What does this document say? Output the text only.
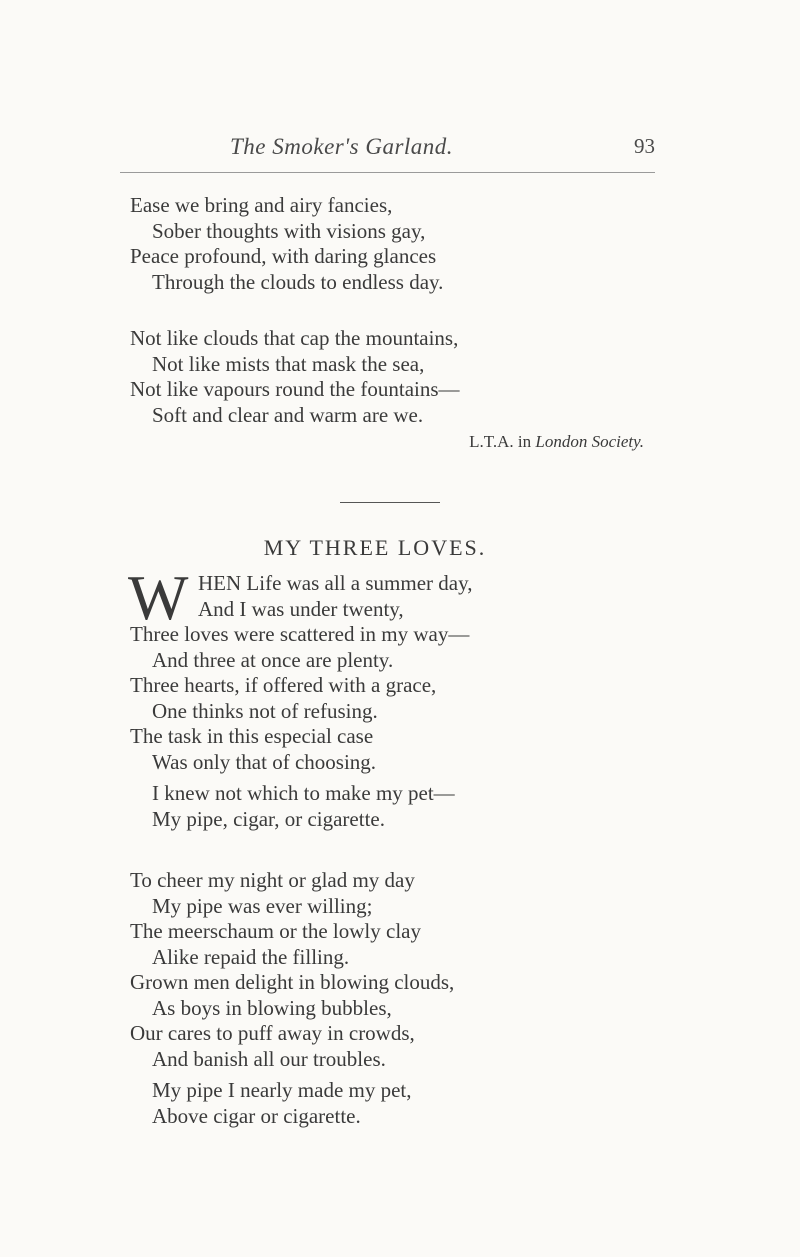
The Smoker's Garland.	93
Ease we bring and airy fancies,
Sober thoughts with visions gay,
Peace profound, with daring glances
Through the clouds to endless day.
Not like clouds that cap the mountains,
Not like mists that mask the sea,
Not like vapours round the fountains—
Soft and clear and warm are we.
L.T.A. in London Society.
MY THREE LOVES.
W HEN Life was all a summer day,
And I was under twenty,
Three loves were scattered in my way—
And three at once are plenty.
Three hearts, if offered with a grace,
One thinks not of refusing.
The task in this especial case
Was only that of choosing.
I knew not which to make my pet—
My pipe, cigar, or cigarette.
To cheer my night or glad my day
My pipe was ever willing;
The meerschaum or the lowly clay
Alike repaid the filling.
Grown men delight in blowing clouds,
As boys in blowing bubbles,
Our cares to puff away in crowds,
And banish all our troubles.
My pipe I nearly made my pet,
Above cigar or cigarette.
